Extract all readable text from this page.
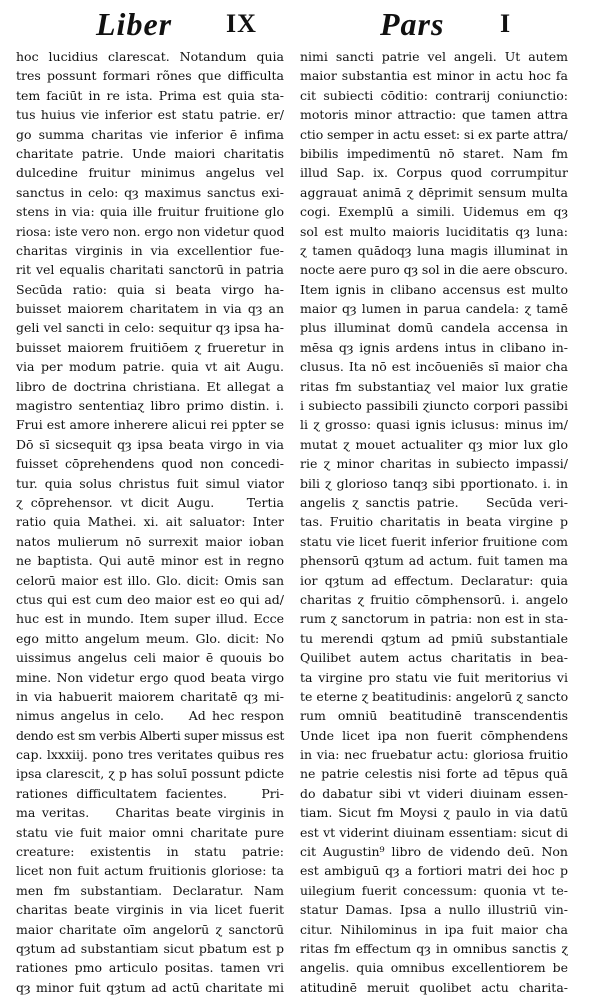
Liber IX	Pars I
hoc lucidius clarescat. Notandum quia
tres possunt formari rõnes que difficulta
tem faciūt in re ista. Prima est quia sta-
tus huius vie inferior est statu patrie. er/
go summa charitas vie inferior ē infima
charitate patrie. Unde maiori charitatis
dulcedine fruitur minimus angelus vel
sanctus in celo: qȝ maximus sanctus exi-
stens in via: quia ille fruitur fruitione glo
riosa: iste vero non. ergo non videtur quod
charitas virginis in via excellentior fue-
rit vel equalis charitati sanctorū in patria
Secūda ratio: quia si beata virgo ha-
buisset maiorem charitatem in via qȝ an
geli vel sancti in celo: sequitur qȝ ipsa ha-
buisset maiorem fruitiōem ɀ frueretur in
via per modum patrie. quia vt ait Augu.
libro de doctrina christiana. Et allegat a
magistro sententiaɀ libro primo distin. i.
Frui est amore inherere alicui rei ppter se
Dō sī sicsequit qȝ ipsa beata virgo in via
fuisset cōprehendens quod non concedi-
tur. quia solus christus fuit simul viator
ɀ cōprehensor. vt dicit Augu.    Tertia
ratio quia Mathei. xi. ait saluator: Inter
natos mulierum nō surrexit maior ioban
ne baptista. Qui autē minor est in regno
celorū maior est illo. Glo. dicit: Omis san
ctus qui est cum deo maior est eo qui ad/
huc est in mundo. Item super illud. Ecce
ego mitto angelum meum. Glo. dicit: No
uissimus angelus celi maior ē quouis bo
mine. Non videtur ergo quod beata virgo
in via habuerit maiorem charitatē qȝ mi-
nimus angelus in celo.    Ad hec respon
dendo est sm verbis Alberti super missus est
cap. lxxxiij. pono tres veritates quibus res
ipsa clarescit, ɀ p has soluī possunt pdicte
rationes difficultatem facientes.    Pri-
ma veritas.    Charitas beate virginis in
statu vie fuit maior omni charitate pure
creature: existentis in statu patrie:
licet non fuit actum fruitionis gloriose: ta
men fm substantiam. Declaratur. Nam
charitas beate virginis in via licet fuerit
maior charitate oīm angelorū ɀ sanctorū
qȝtum ad substantiam sicut pbatum est p
rationes pmo articulo positas. tamen vri
qȝ minor fuit qȝtum ad actū charitate mi
nimi sancti patrie vel angeli. Ut autem
maior substantia est minor in actu hoc fa
cit subiecti cōditio: contrarij coniunctio:
motoris minor attractio: que tamen attra
ctio semper in actu esset: si ex parte attra/
bibilis impedimentū nō staret. Nam fm
illud Sap. ix. Corpus quod corrumpitur
aggrauat animā ɀ dēprimit sensum multa
cogi. Exemplū a simili. Uidemus em qȝ
sol est multo maioris luciditatis qȝ luna:
ɀ tamen quādoqȝ luna magis illuminat in
nocte aere puro qȝ sol in die aere obscuro.
Item ignis in clibano accensus est multo
maior qȝ lumen in parua candela: ɀ tamē
plus illuminat domū candela accensa in
mēsa qȝ ignis ardens intus in clibano in-
clusus. Ita nō est incōueniēs sī maior cha
ritas fm substantiaɀ vel maior lux gratie
i subiecto passibili ɀiuncto corpori passibi
li ɀ grosso: quasi ignis iclusus: minus im/
mutat ɀ mouet actualiter qȝ mior lux glo
rie ɀ minor charitas in subiecto impassi/
bili ɀ glorioso tanqȝ sibi pportionato. i. in
angelis ɀ sanctis patrie.    Secūda veri-
tas. Fruitio charitatis in beata virgine p
statu vie licet fuerit inferior fruitione com
phensorū qȝtum ad actum. fuit tamen ma
ior qȝtum ad effectum. Declaratur: quia
charitas ɀ fruitio cōmphensorū. i. angelo
rum ɀ sanctorum in patria: non est in sta-
tu merendi qȝtum ad pmiū substantiale
Quilibet autem actus charitatis in bea-
ta virgine pro statu vie fuit meritorius vi
te eterne ɀ beatitudinis: angelorū ɀ sancto
rum omniū beatitudinē transcendentis
Unde licet ipa non fuerit cōmphendens
in via: nec fruebatur actu: gloriosa fruitio
ne patrie celestis nisi forte ad tēpus quā
do dabatur sibi vt videri diuinam essen-
tiam. Sicut fm Moysi ɀ paulo in via datū
est vt viderint diuinam essentiam: sicut di
cit Augustin⁹ libro de videndo deū. Non
est ambiguū qȝ a fortiori matri dei hoc p
uilegium fuerit concessum: quonia vt te-
statur Damas. Ipsa a nullo illustriū vin-
citur. Nihilominus in ipa fuit maior cha
ritas fm effectum qȝ in omnibus sanctis ɀ
angelis. quia omnibus excellentiorem be
atitudinē meruit quolibet actu charita-
